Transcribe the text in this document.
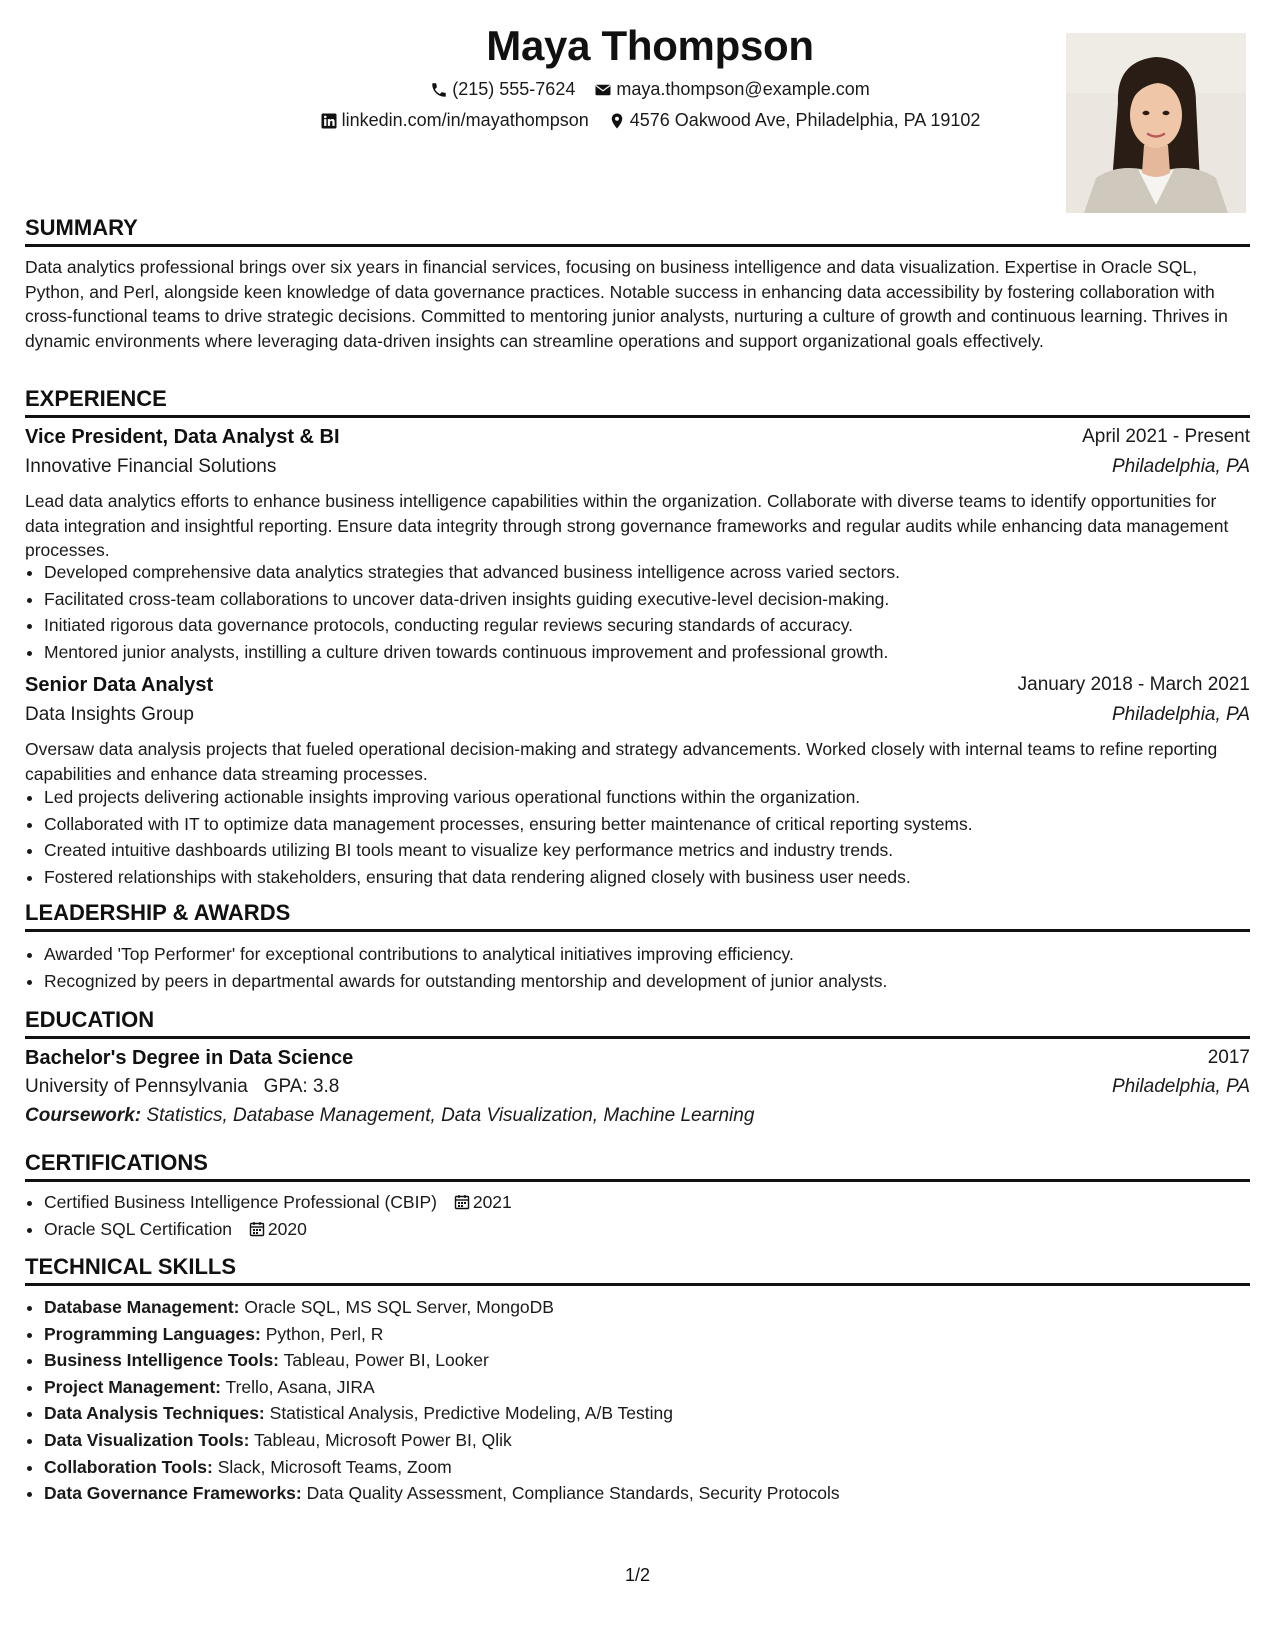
Maya Thompson
(215) 555-7624
maya.thompson@example.com
linkedin.com/in/mayathompson
4576 Oakwood Ave, Philadelphia, PA 19102
SUMMARY
Data analytics professional brings over six years in financial services, focusing on business intelligence and data visualization. Expertise in Oracle SQL, Python, and Perl, alongside keen knowledge of data governance practices. Notable success in enhancing data accessibility by fostering collaboration with cross-functional teams to drive strategic decisions. Committed to mentoring junior analysts, nurturing a culture of growth and continuous learning. Thrives in dynamic environments where leveraging data-driven insights can streamline operations and support organizational goals effectively.
EXPERIENCE
Vice President, Data Analyst & BI	April 2021 - Present
Innovative Financial Solutions	Philadelphia, PA
Lead data analytics efforts to enhance business intelligence capabilities within the organization. Collaborate with diverse teams to identify opportunities for data integration and insightful reporting. Ensure data integrity through strong governance frameworks and regular audits while enhancing data management processes.
• Developed comprehensive data analytics strategies that advanced business intelligence across varied sectors.
• Facilitated cross-team collaborations to uncover data-driven insights guiding executive-level decision-making.
• Initiated rigorous data governance protocols, conducting regular reviews securing standards of accuracy.
• Mentored junior analysts, instilling a culture driven towards continuous improvement and professional growth.
Senior Data Analyst	January 2018 - March 2021
Data Insights Group	Philadelphia, PA
Oversaw data analysis projects that fueled operational decision-making and strategy advancements. Worked closely with internal teams to refine reporting capabilities and enhance data streaming processes.
• Led projects delivering actionable insights improving various operational functions within the organization.
• Collaborated with IT to optimize data management processes, ensuring better maintenance of critical reporting systems.
• Created intuitive dashboards utilizing BI tools meant to visualize key performance metrics and industry trends.
• Fostered relationships with stakeholders, ensuring that data rendering aligned closely with business user needs.
LEADERSHIP & AWARDS
• Awarded 'Top Performer' for exceptional contributions to analytical initiatives improving efficiency.
• Recognized by peers in departmental awards for outstanding mentorship and development of junior analysts.
EDUCATION
Bachelor's Degree in Data Science	2017
University of Pennsylvania GPA: 3.8	Philadelphia, PA
Coursework: Statistics, Database Management, Data Visualization, Machine Learning
CERTIFICATIONS
• Certified Business Intelligence Professional (CBIP) 2021
• Oracle SQL Certification 2020
TECHNICAL SKILLS
• Database Management: Oracle SQL, MS SQL Server, MongoDB
• Programming Languages: Python, Perl, R
• Business Intelligence Tools: Tableau, Power BI, Looker
• Project Management: Trello, Asana, JIRA
• Data Analysis Techniques: Statistical Analysis, Predictive Modeling, A/B Testing
• Data Visualization Tools: Tableau, Microsoft Power BI, Qlik
• Collaboration Tools: Slack, Microsoft Teams, Zoom
• Data Governance Frameworks: Data Quality Assessment, Compliance Standards, Security Protocols
1/2
